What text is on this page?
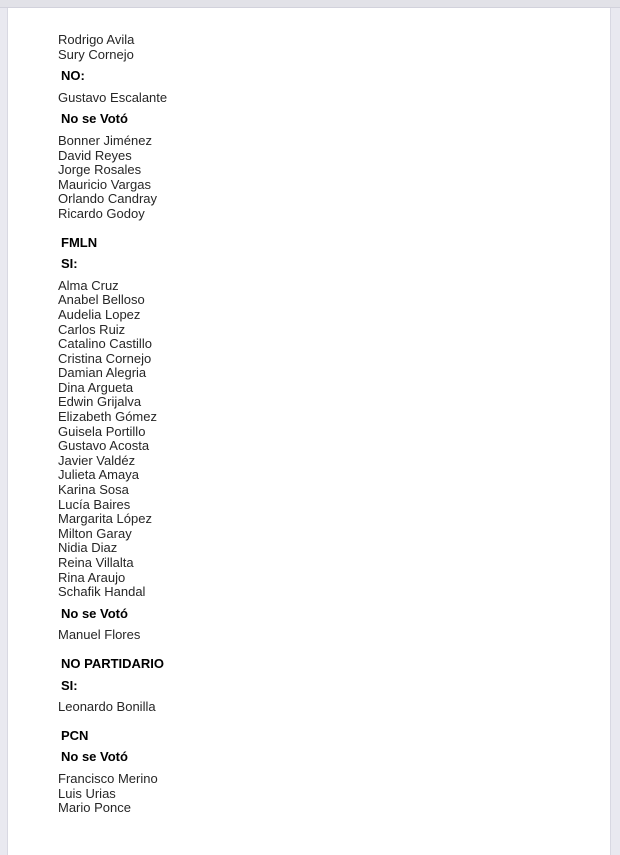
Rodrigo Avila
Sury Cornejo

NO:

Gustavo Escalante

No se Votó

Bonner Jiménez
David Reyes
Jorge Rosales
Mauricio Vargas
Orlando Candray
Ricardo Godoy

FMLN

SI:

Alma Cruz
Anabel Belloso
Audelia Lopez
Carlos Ruiz
Catalino Castillo
Cristina Cornejo
Damian Alegria
Dina Argueta
Edwin Grijalva
Elizabeth Gómez
Guisela Portillo
Gustavo Acosta
Javier Valdéz
Julieta Amaya
Karina Sosa
Lucía Baires
Margarita López
Milton Garay
Nidia Diaz
Reina Villalta
Rina Araujo
Schafik Handal

No se Votó

Manuel Flores

NO PARTIDARIO

SI:

Leonardo Bonilla

PCN

No se Votó

Francisco Merino
Luis Urias
Mario Ponce
